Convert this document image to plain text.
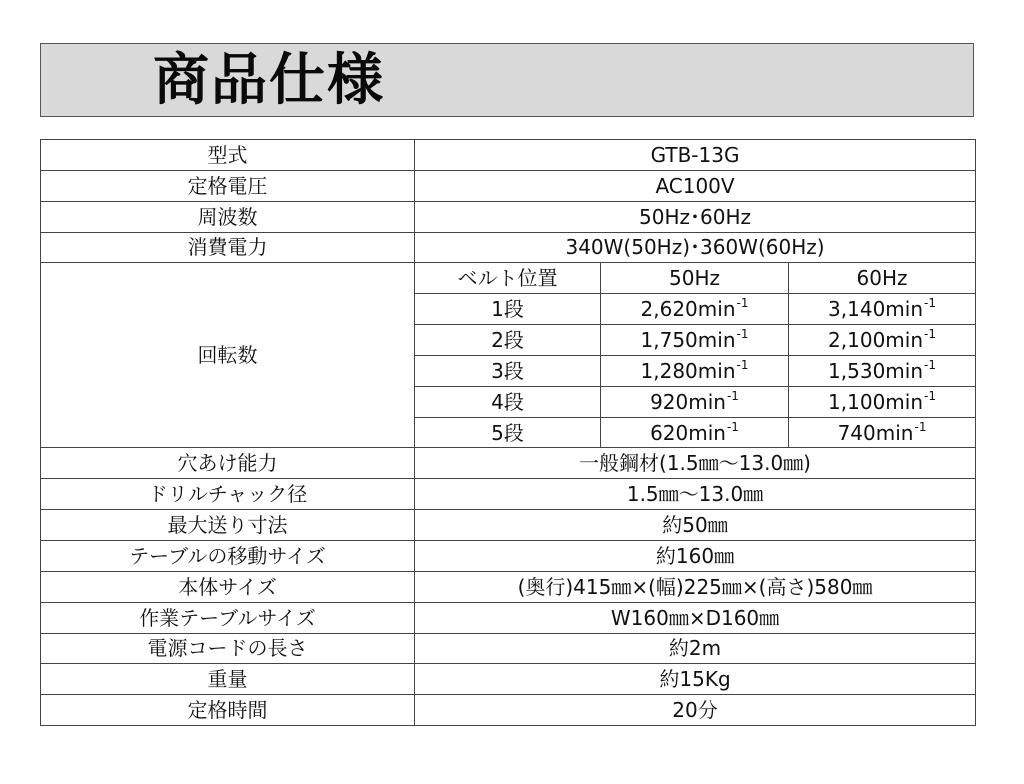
商品仕様
型式	GTB-13G		
定格電圧	AC100V		
周波数	50Hz･60Hz		
消費電力	340W(50Hz)･360W(60Hz)		
回転数	ベルト位置	50Hz	60Hz
	1段	$2,620\min^{-1}$	$3,140\min^{-1}$
	2段	$1,750\min^{-1}$	$2,100\min^{-1}$
	3段	$1,280\min^{-1}$	$1,530\min^{-1}$
	4段	$920\min^{-1}$	$1,100\min^{-1}$
	5段	$620\min^{-1}$	$740\min^{-1}$
穴あけ能力	一般鋼材(1.5㎜～13.0㎜)		
ドリルチャック径	1.5㎜～13.0㎜		
最大送り寸法	約50㎜		
テーブルの移動サイズ	約160㎜		
本体サイズ	(奥行)415㎜×(幅)225㎜×(高さ)580㎜		
作業テーブルサイズ	W160㎜×D160㎜		
電源コードの長さ	約2m		
重量	約15Kg		
定格時間	20分		
